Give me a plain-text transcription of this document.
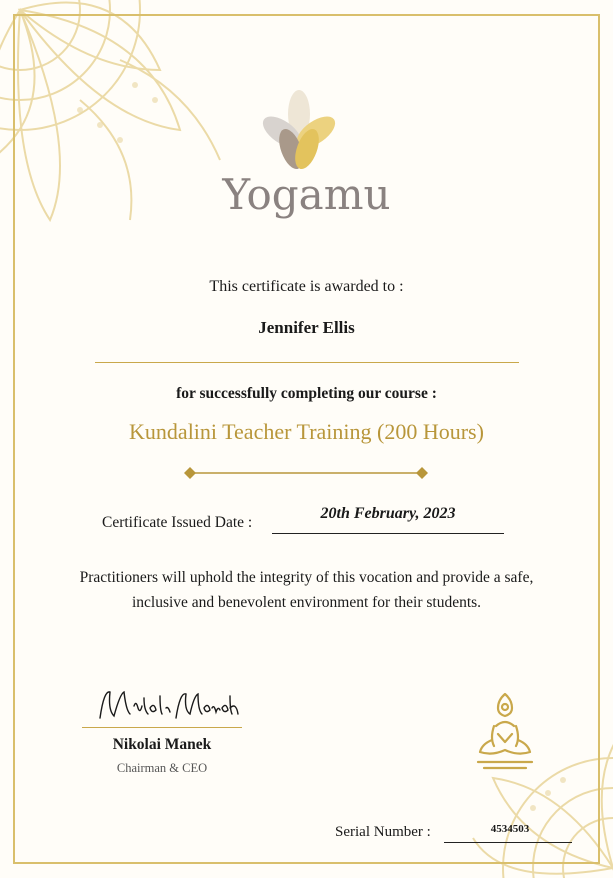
Yogamu
This certificate is awarded to :
Jennifer Ellis
for successfully completing our course :
Kundalini Teacher Training (200 Hours)
Certificate Issued Date :
20th February, 2023
Practitioners will uphold the integrity of this vocation and provide a safe,
inclusive and benevolent environment for their students.
Nikolai Manek
Chairman & CEO
Serial Number :	4534503
